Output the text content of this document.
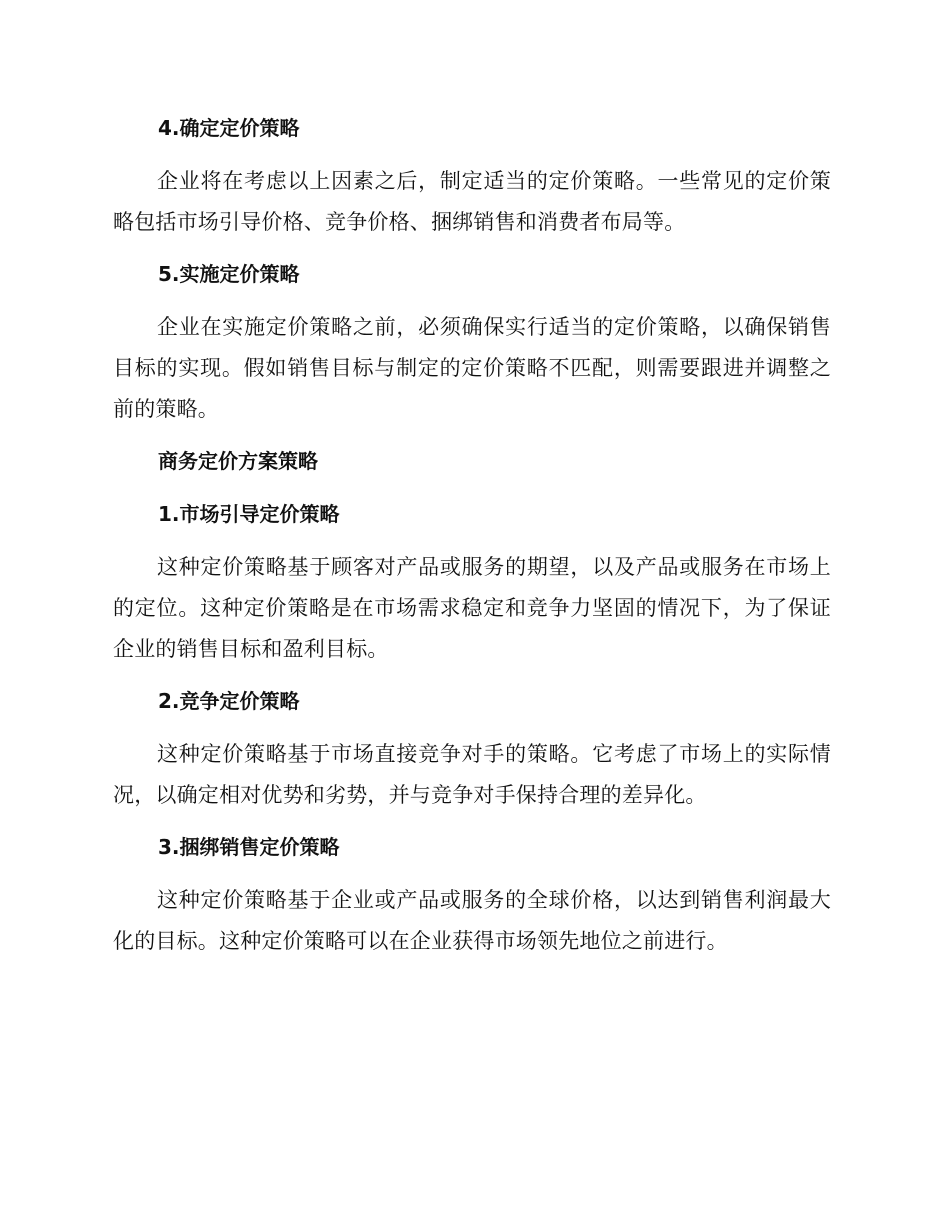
4.确定定价策略

企业将在考虑以上因素之后，制定适当的定价策略。一些常见的定价策略包括市场引导价格、竞争价格、捆绑销售和消费者布局等。

5.实施定价策略

企业在实施定价策略之前，必须确保实行适当的定价策略，以确保销售目标的实现。假如销售目标与制定的定价策略不匹配，则需要跟进并调整之前的策略。

商务定价方案策略
1.市场引导定价策略

这种定价策略基于顾客对产品或服务的期望，以及产品或服务在市场上的定位。这种定价策略是在市场需求稳定和竞争力坚固的情况下，为了保证企业的销售目标和盈利目标。

2.竞争定价策略

这种定价策略基于市场直接竞争对手的策略。它考虑了市场上的实际情况，以确定相对优势和劣势，并与竞争对手保持合理的差异化。

3.捆绑销售定价策略

这种定价策略基于企业或产品或服务的全球价格，以达到销售利润最大化的目标。这种定价策略可以在企业获得市场领先地位之前进行。
